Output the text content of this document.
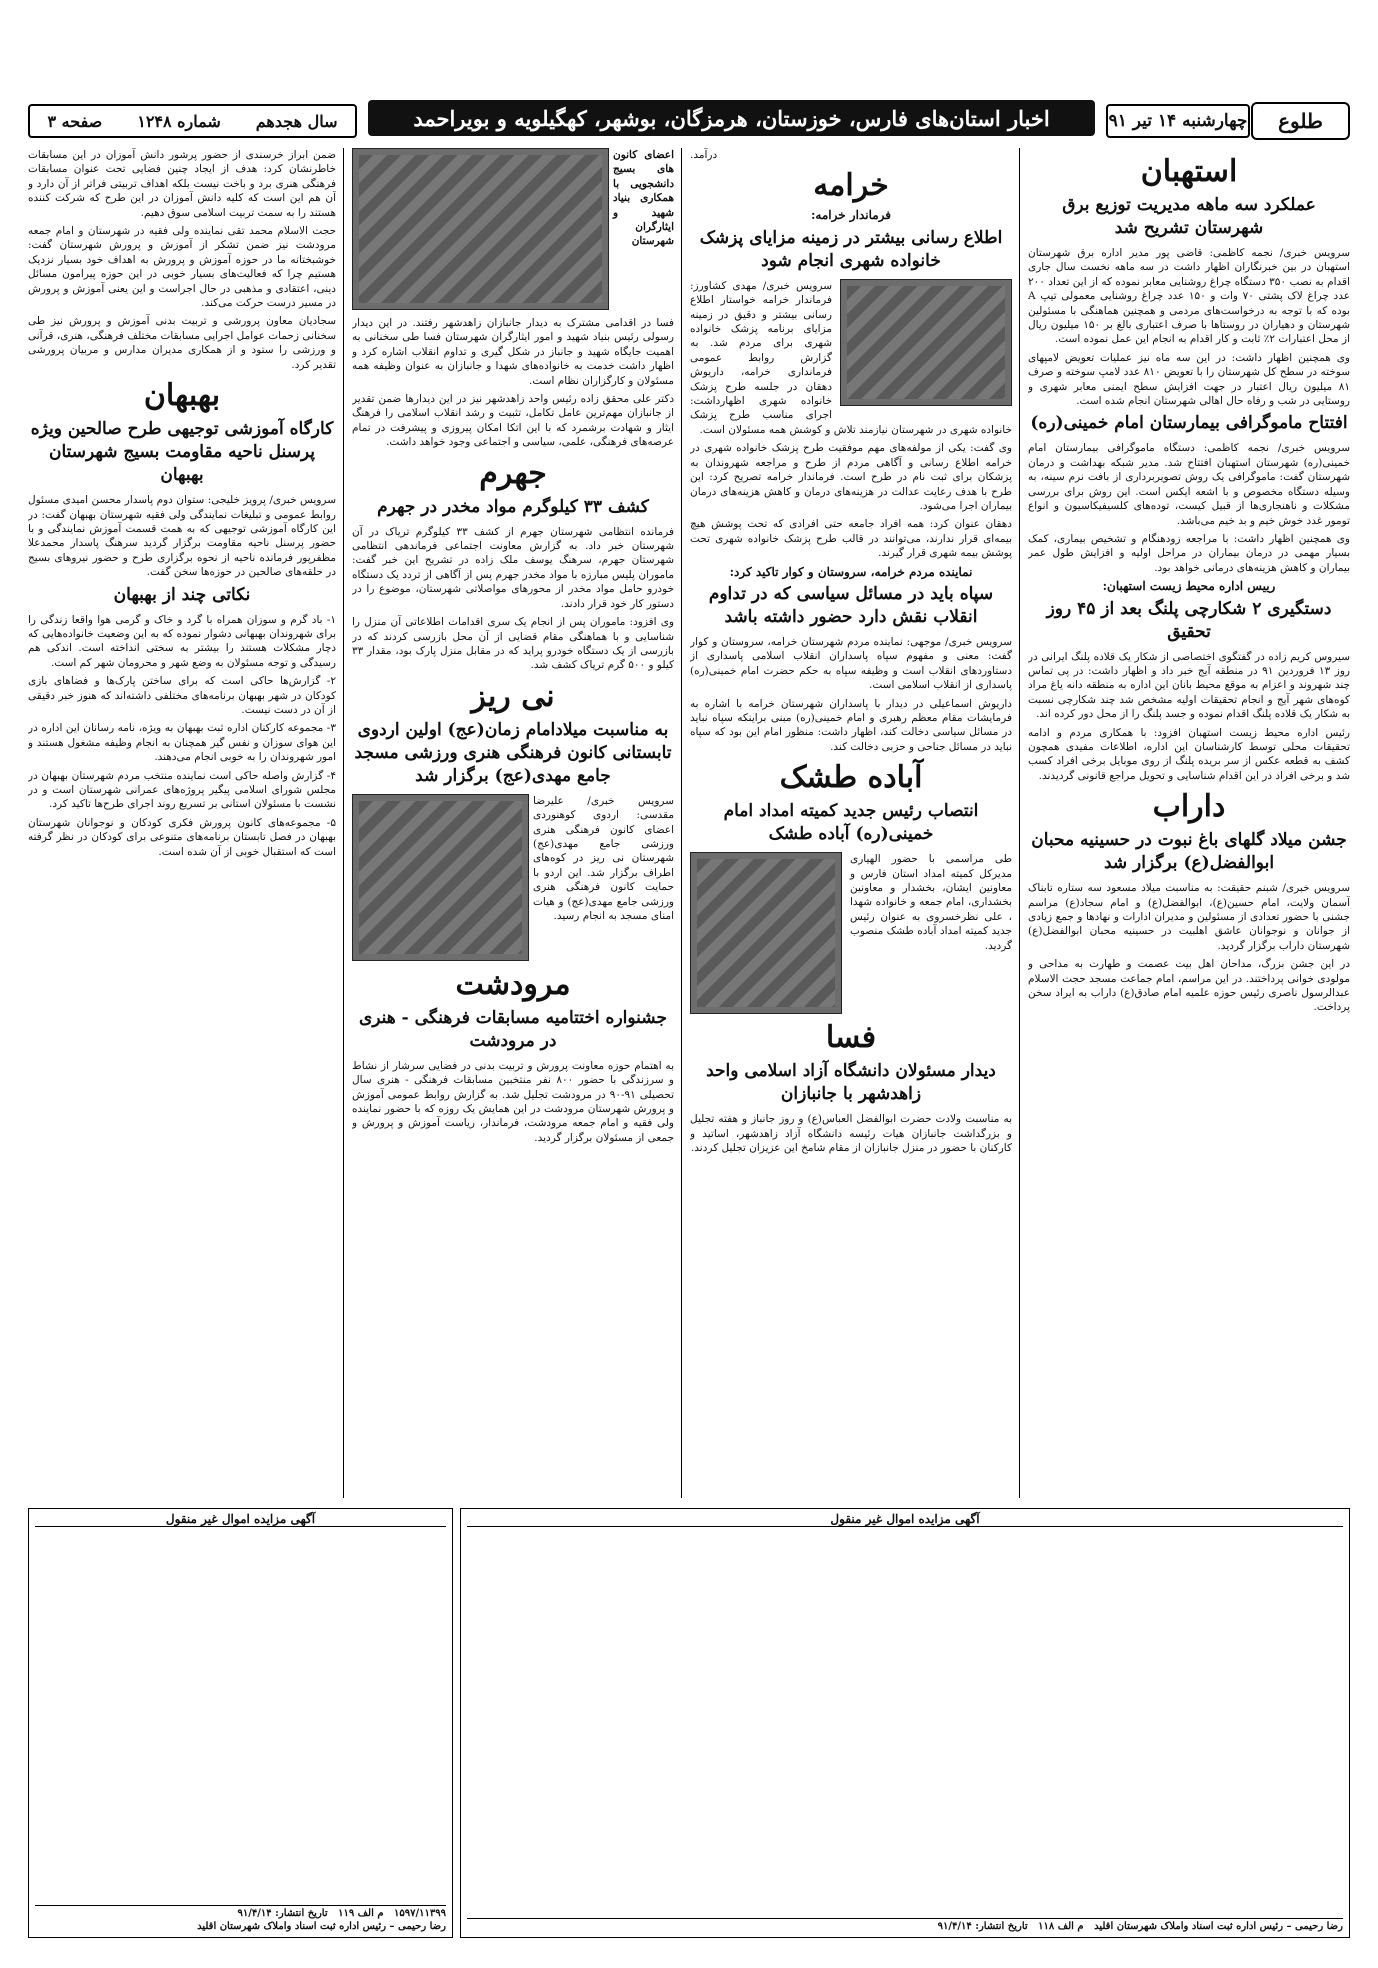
طلوع
چهارشنبه ۱۴ تیر ۹۱
اخبار استان‌های فارس، خوزستان، هرمزگان، بوشهر، کهگیلویه و بویراحمد
سال هجدهم
شماره ۱۲۴۸
صفحه ۳
استهبان
عملکرد سه ماهه مدیریت توزیع برق شهرستان تشریح شد

سرویس خبری/ نجمه کاظمی: قاضی پور مدیر اداره برق شهرستان استهبان در بین خبرنگاران اظهار داشت در سه ماهه نخست سال جاری اقدام به نصب ۳۵۰ دستگاه چراغ روشنایی معابر نموده که از این تعداد ۲۰۰ عدد چراغ لاک پشتی ۷۰ وات و ۱۵۰ عدد چراغ روشنایی معمولی تیپ A بوده که با توجه به درخواست‌های مردمی و همچنین هماهنگی با مسئولین شهرستان و دهیاران در روستاها با صرف اعتباری بالغ بر ۱۵۰ میلیون ریال از محل اعتبارات ۲٪ ثابت و کار اقدام به انجام این عمل نموده است.

وی همچنین اظهار داشت: در این سه ماه نیز عملیات تعویض لامپهای سوخته در سطح کل شهرستان را با تعویض ۸۱۰ عدد لامپ سوخته و صرف ۸۱ میلیون ریال اعتبار در جهت افزایش سطح ایمنی معابر شهری و روستایی در شب و رفاه حال اهالی شهرستان انجام شده است.

افتتاح ماموگرافی بیمارستان امام خمینی(ره)

سرویس خبری/ نجمه کاظمی: دستگاه ماموگرافی بیمارستان امام خمینی(ره) شهرستان استهبان افتتاح شد. مدیر شبکه بهداشت و درمان شهرستان گفت: ماموگرافی یک روش تصویربرداری از بافت نرم سینه، به وسیله دستگاه مخصوص و با اشعه ایکس است. این روش برای بررسی مشکلات و ناهنجاری‌ها از قبیل کیست، توده‌های کلسیفیکاسیون و انواع تومور غدد خوش خیم و بد خیم می‌باشد.

وی همچنین اظهار داشت: با مراجعه زودهنگام و تشخیص بیماری، کمک بسیار مهمی در درمان بیماران در مراحل اولیه و افزایش طول عمر بیماران و کاهش هزینه‌های درمانی خواهد بود.

رییس اداره محیط زیست استهبان:
دستگیری ۲ شکارچی پلنگ بعد از ۴۵ روز تحقیق

سیروس کریم زاده در گفتگوی اختصاصی از شکار یک قلاده پلنگ ایرانی در روز ۱۳ فروردین ۹۱ در منطقه آیج خبر داد و اظهار داشت: در پی تماس چند شهروند و اعزام به موقع محیط بانان این اداره به منطقه دانه یاغ مراد کوه‌های شهر آیج و انجام تحقیقات اولیه مشخص شد چند شکارچی نسبت به شکار یک قلاده پلنگ اقدام نموده و جسد پلنگ را از محل دور کرده اند.

رئیس اداره محیط زیست استهبان افزود: با همکاری مردم و ادامه تحقیقات محلی توسط کارشناسان این اداره، اطلاعات مفیدی همچون کشف به قطعه عکس از سر بریده پلنگ از روی موبایل برخی افراد کسب شد و برخی افراد در این اقدام شناسایی و تحویل مراجع قانونی گردیدند.

داراب
جشن میلاد گلهای باغ نبوت در حسینیه محبان ابوالفضل(ع) برگزار شد

سرویس خبری/ شبنم حقیقت: به مناسبت میلاد مسعود سه ستاره تابناک آسمان ولایت، امام حسین(ع)، ابوالفضل(ع) و امام سجاد(ع) مراسم جشنی با حضور تعدادی از مسئولین و مدیران ادارات و نهادها و جمع زیادی از جوانان و نوجوانان عاشق اهلبیت در حسینیه محبان ابوالفضل(ع) شهرستان داراب برگزار گردید.

در این جشن بزرگ، مداحان اهل بیت عصمت و طهارت به مداحی و مولودی خوانی پرداختند. در این مراسم، امام جماعت مسجد حجت الاسلام عبدالرسول ناصری رئیس حوزه علمیه امام صادق(ع) داراب به ایراد سخن پرداخت.

درآمد.

خرامه
فرماندار خرامه:
اطلاع رسانی بیشتر در زمینه مزایای پزشک خانواده شهری انجام شود

سرویس خبری/ مهدی کشاورز: فرماندار خرامه خواستار اطلاع رسانی بیشتر و دقیق در زمینه مزایای برنامه پزشک خانواده شهری برای مردم شد. به گزارش روابط عمومی فرمانداری خرامه، داریوش دهقان در جلسه طرح پزشک خانواده شهری اظهارداشت: اجرای مناسب طرح پزشک خانواده شهری در شهرستان نیازمند تلاش و کوشش همه مسئولان است.

وی گفت: یکی از مولفه‌های مهم موفقیت طرح پزشک خانواده شهری در خرامه اطلاع رسانی و آگاهی مردم از طرح و مراجعه شهروندان به پزشکان برای ثبت نام در طرح است. فرماندار خرامه تصریح کرد: این طرح با هدف رعایت عدالت در هزینه‌های درمان و کاهش هزینه‌های درمان بیماران اجرا می‌شود.

دهقان عنوان کرد: همه افراد جامعه حتی افرادی که تحت پوشش هیچ بیمه‌ای قرار ندارند، می‌توانند در قالب طرح پزشک خانواده شهری تحت پوشش بیمه شهری قرار گیرند.

نماینده مردم خرامه، سروستان و کوار تاکید کرد:
سپاه باید در مسائل سیاسی که در تداوم انقلاب نقش دارد حضور داشته باشد

سرویس خبری/ موجهی: نماینده مردم شهرستان خرامه، سروستان و کوار گفت: معنی و مفهوم سپاه پاسداران انقلاب اسلامی پاسداری از دستاوردهای انقلاب است و وظیفه سپاه به حکم حضرت امام خمینی(ره) پاسداری از انقلاب اسلامی است.

داریوش اسماعیلی در دیدار با پاسداران شهرستان خرامه با اشاره به فرمایشات مقام معظم رهبری و امام خمینی(ره) مبنی براینکه سپاه نباید در مسائل سیاسی دخالت کند، اظهار داشت: منظور امام این بود که سپاه نباید در مسائل جناحی و حزبی دخالت کند.

آباده طشک
انتصاب رئیس جدید کمیته امداد امام خمینی(ره) آباده طشک

طی مراسمی با حضور الهیاری مدیرکل کمیته امداد استان فارس و معاونین ایشان، بخشدار و معاونین بخشداری، امام جمعه و خانواده شهدا ، علی نظرخسروی به عنوان رئیس جدید کمیته امداد آباده طشک منصوب گردید.

فسا
دیدار مسئولان دانشگاه آزاد اسلامی واحد زاهدشهر با جانبازان

به مناسبت ولادت حضرت ابوالفضل العباس(ع) و روز جانباز و هفته تجلیل و بزرگداشت جانبازان هیات رئیسه دانشگاه آزاد زاهدشهر، اساتید و کارکنان با حضور در منزل جانبازان از مقام شامخ این عزیزان تجلیل کردند.

اعضای کانون های بسیج دانشجویی با همکاری بنیاد شهید و ایثارگران شهرستان

فسا در اقدامی مشترک به دیدار جانبازان زاهدشهر رفتند. در این دیدار رسولی رئیس بنیاد شهید و امور ایثارگران شهرستان فسا طی سخنانی به اهمیت جایگاه شهید و جانباز در شکل گیری و تداوم انقلاب اشاره کرد و اظهار داشت خدمت به خانواده‌های شهدا و جانبازان به عنوان وظیفه همه مسئولان و کارگزاران نظام است.

دکتر علی محقق زاده رئیس واحد زاهدشهر نیز در این دیدارها ضمن تقدیر از جانبازان مهم‌ترین عامل تکامل، تثبیت و رشد انقلاب اسلامی را فرهنگ ایثار و شهادت برشمرد که با این اتکا امکان پیروزی و پیشرفت در تمام عرصه‌های فرهنگی، علمی، سیاسی و اجتماعی وجود خواهد داشت.

جهرم
کشف ۳۳ کیلوگرم مواد مخدر در جهرم

فرمانده انتظامی شهرستان جهرم از کشف ۳۳ کیلوگرم تریاک در آن شهرستان خبر داد. به گزارش معاونت اجتماعی فرماندهی انتظامی شهرستان جهرم، سرهنگ یوسف ملک زاده در تشریح این خبر گفت: ماموران پلیس مبارزه با مواد مخدر جهرم پس از آگاهی از تردد یک دستگاه خودرو حامل مواد مخدر از محورهای مواصلاتی شهرستان، موضوع را در دستور کار خود قرار دادند.

وی افزود: ماموران پس از انجام یک سری اقدامات اطلاعاتی آن منزل را شناسایی و با هماهنگی مقام قضایی از آن محل بازرسی کردند که در بازرسی از یک دستگاه خودرو پراید که در مقابل منزل پارک بود، مقدار ۳۳ کیلو و ۵۰۰ گرم تریاک کشف شد.

نی ریز
به مناسبت میلادامام زمان(عج) اولین اردوی تابستانی کانون فرهنگی هنری ورزشی مسجد جامع مهدی(عج) برگزار شد

سرویس خبری/ علیرضا مقدسی: اردوی کوهنوردی اعضای کانون فرهنگی هنری ورزشی جامع مهدی(عج) شهرستان نی ریز در کوه‌های اطراف برگزار شد. این اردو با حمایت کانون فرهنگی هنری ورزشی جامع مهدی(عج) و هیات امنای مسجد به انجام رسید.

مرودشت
جشنواره اختتامیه مسابقات فرهنگی - هنری در مرودشت

به اهتمام حوزه معاونت پرورش و تربیت بدنی در فضایی سرشار از نشاط و سرزندگی با حضور ۸۰۰ نفر منتخبین مسابقات فرهنگی - هنری سال تحصیلی ۹۱-۹۰ در مرودشت تجلیل شد. به گزارش روابط عمومی آموزش و پرورش شهرستان مرودشت در این همایش یک روزه که با حضور نماینده ولی فقیه و امام جمعه مرودشت، فرماندار، ریاست آموزش و پرورش و جمعی از مسئولان برگزار گردید.

ضمن ابراز خرسندی از حضور پرشور دانش آموزان در این مسابقات خاطرنشان کرد: هدف از ایجاد چنین فضایی تحت عنوان مسابقات فرهنگی هنری برد و باخت نیست بلکه اهداف تربیتی فراتر از آن دارد و آن هم این است که کلیه دانش آموزان در این طرح که شرکت کننده هستند را به سمت تربیت اسلامی سوق دهیم.

حجت الاسلام محمد تقی نماینده ولی فقیه در شهرستان و امام جمعه مرودشت نیز ضمن تشکر از آموزش و پرورش شهرستان گفت: خوشبختانه ما در حوزه آموزش و پرورش به اهداف خود بسیار نزدیک هستیم چرا که فعالیت‌های بسیار خوبی در این حوزه پیرامون مسائل دینی، اعتقادی و مذهبی در حال اجراست و این یعنی آموزش و پرورش در مسیر درست حرکت می‌کند.

سجادیان معاون پرورشی و تربیت بدنی آموزش و پرورش نیز طی سخنانی زحمات عوامل اجرایی مسابقات مختلف فرهنگی، هنری، قرآنی و ورزشی را ستود و از همکاری مدیران مدارس و مربیان پرورشی تقدیر کرد.

بهبهان
کارگاه آموزشی توجیهی طرح صالحین ویژه پرسنل ناحیه مقاومت بسیج شهرستان بهبهان

سرویس خبری/ پرویز خلیجی: ستوان دوم پاسدار محسن امیدی مسئول روابط عمومی و تبلیغات نمایندگی ولی فقیه شهرستان بهبهان گفت: در این کارگاه آموزشی توجیهی که به همت قسمت آموزش نمایندگی و با حضور پرسنل ناحیه مقاومت برگزار گردید سرهنگ پاسدار محمدعلا مظفرپور فرمانده ناحیه از نحوه برگزاری طرح و حضور نیروهای بسیج در حلقه‌های صالحین در حوزه‌ها سخن گفت.

نکاتی چند از بهبهان

۱- باد گرم و سوزان همراه با گرد و خاک و گرمی هوا واقعا زندگی را برای شهروندان بهبهانی دشوار نموده که به این وضعیت خانواده‌هایی که دچار مشکلات هستند را بیشتر به سختی انداخته است. اندکی هم رسیدگی و توجه مسئولان به وضع شهر و محرومان شهر کم است.

۲- گزارش‌ها حاکی است که برای ساختن پارک‌ها و فضاهای بازی کودکان در شهر بهبهان برنامه‌های مختلفی داشته‌اند که هنوز خبر دقیقی از آن در دست نیست.

۳- مجموعه کارکنان اداره ثبت بهبهان به ویژه، نامه رسانان این اداره در این هوای سوزان و نفس گیر همچنان به انجام وظیفه مشغول هستند و امور شهروندان را به خوبی انجام می‌دهند.

۴- گزارش واصله حاکی است نماینده منتخب مردم شهرستان بهبهان در مجلس شورای اسلامی پیگیر پروژه‌های عمرانی شهرستان است و در نشست با مسئولان استانی بر تسریع روند اجرای طرح‌ها تاکید کرد.

۵- مجموعه‌های کانون پرورش فکری کودکان و نوجوانان شهرستان بهبهان در فصل تابستان برنامه‌های متنوعی برای کودکان در نظر گرفته است که استقبال خوبی از آن شده است.

آگهی مزایده اموال غیر منقول
رضا رحیمی – رئیس اداره ثبت اسناد واملاک شهرستان اقلید   م الف ۱۱۸   تاریخ انتشار: ۹۱/۴/۱۴
آگهی مزایده اموال غیر منقول
۱۵۹۷/۱۱۳۹۹   م الف ۱۱۹   تاریخ انتشار: ۹۱/۴/۱۴
رضا رحیمی – رئیس اداره ثبت اسناد واملاک شهرستان اقلید
